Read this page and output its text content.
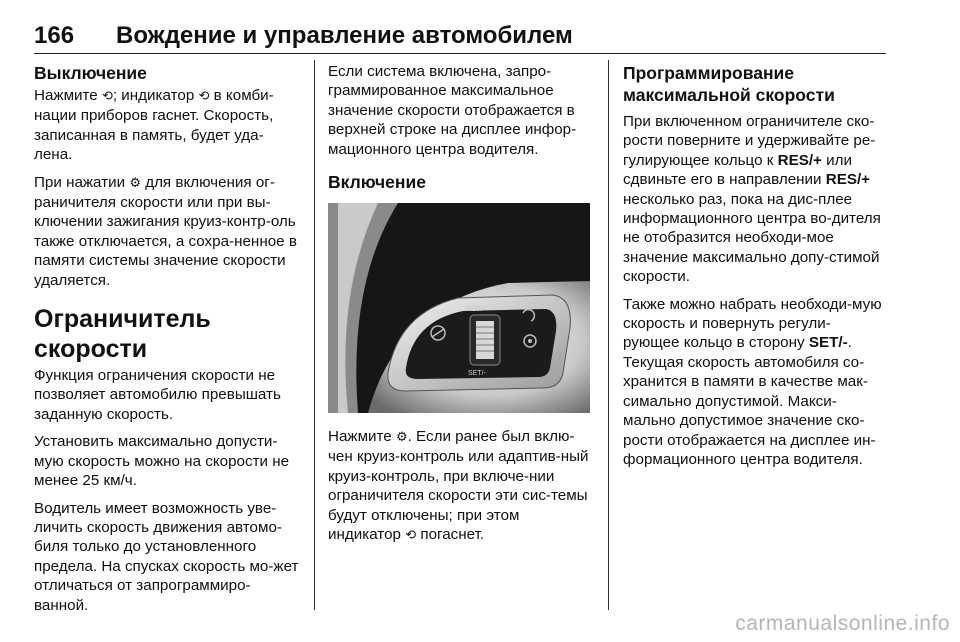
166 Вождение и управление автомобилем
Выключение

Нажмите ⟲; индикатор ⟲ в комби-нации приборов гаснет. Скорость, записанная в память, будет уда-лена.

При нажатии ⚙ для включения ог-раничителя скорости или при вы-ключении зажигания круиз-контр-оль также отключается, а сохра-ненное в памяти системы значение скорости удаляется.

Ограничитель скорости

Функция ограничения скорости не позволяет автомобилю превышать заданную скорость.

Установить максимально допусти-мую скорость можно на скорости не менее 25 км/ч.

Водитель имеет возможность уве-личить скорость движения автомо-биля только до установленного предела. На спусках скорость мо-жет отличаться от запрограммиро-ванной.

Если система включена, запро-граммированное максимальное значение скорости отображается в верхней строке на дисплее инфор-мационного центра водителя.

Включение
RES/+
SET/-

Нажмите ⚙. Если ранее был вклю-чен круиз-контроль или адаптив-ный круиз-контроль, при включе-нии ограничителя скорости эти сис-темы будут отключены; при этом индикатор ⟲ погаснет.

Программирование максимальной скорости

При включенном ограничителе ско-рости поверните и удерживайте ре-гулирующее кольцо к RES/+ или сдвиньте его в направлении RES/+ несколько раз, пока на дис-плее информационного центра во-дителя не отобразится необходи-мое значение максимально допу-стимой скорости.

Также можно набрать необходи-мую скорость и повернуть регули-рующее кольцо в сторону SET/-. Текущая скорость автомобиля со-хранится в памяти в качестве мак-симально допустимой. Макси-мально допустимое значение ско-рости отображается на дисплее ин-формационного центра водителя.

carmanualsonline.info
